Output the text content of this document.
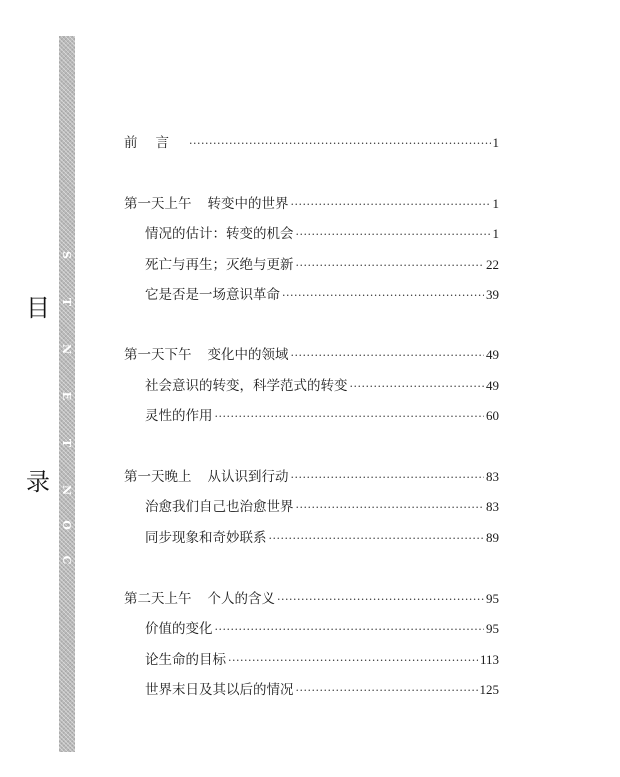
S
T
N
E
T
N
O
C
目
录
前言 ·····	1
第一天上午 转变中的世界 ·····	1
情况的估计：转变的机会 ·····	1
死亡与再生；灭绝与更新 ·····	22
它是否是一场意识革命 ·····	39
第一天下午 变化中的领域 ·····	49
社会意识的转变，科学范式的转变 ·····	49
灵性的作用 ·····	60
第一天晚上 从认识到行动 ·····	83
治愈我们自己也治愈世界 ·····	83
同步现象和奇妙联系 ·····	89
第二天上午 个人的含义 ·····	95
价值的变化 ·····	95
论生命的目标 ·····	113
世界末日及其以后的情况 ·····	125
